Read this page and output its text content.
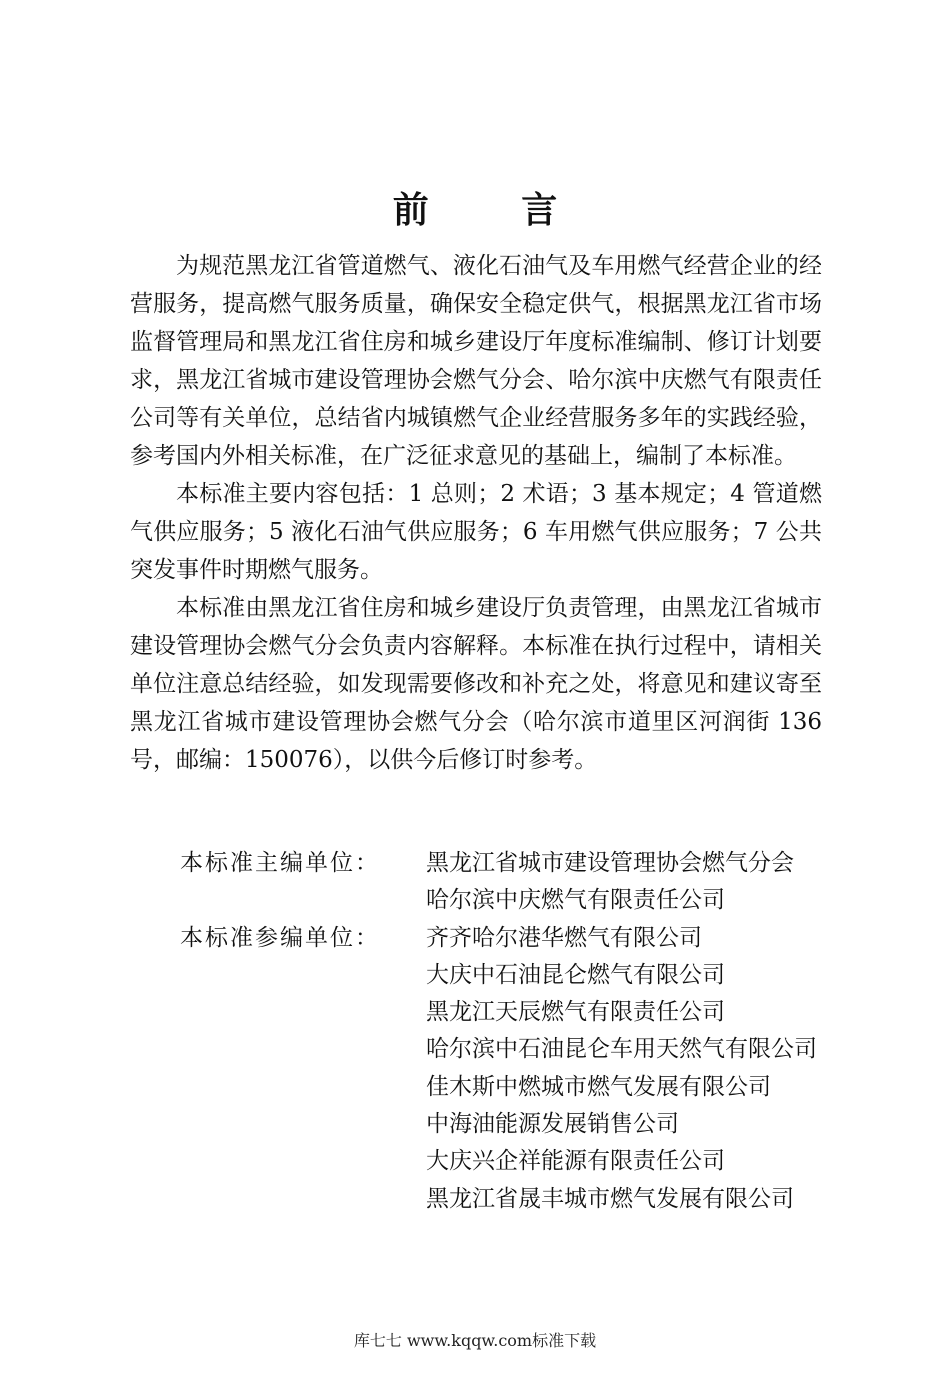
前 言

为规范黑龙江省管道燃气、液化石油气及车用燃气经营企业的经营服务，提高燃气服务质量，确保安全稳定供气，根据黑龙江省市场监督管理局和黑龙江省住房和城乡建设厅年度标准编制、修订计划要求，黑龙江省城市建设管理协会燃气分会、哈尔滨中庆燃气有限责任公司等有关单位，总结省内城镇燃气企业经营服务多年的实践经验，参考国内外相关标准，在广泛征求意见的基础上，编制了本标准。

本标准主要内容包括：1 总则；2 术语；3 基本规定；4 管道燃气供应服务；5 液化石油气供应服务；6 车用燃气供应服务；7 公共突发事件时期燃气服务。

本标准由黑龙江省住房和城乡建设厅负责管理，由黑龙江省城市建设管理协会燃气分会负责内容解释。本标准在执行过程中，请相关单位注意总结经验，如发现需要修改和补充之处，将意见和建议寄至黑龙江省城市建设管理协会燃气分会（哈尔滨市道里区河润街 136 号，邮编：150076），以供今后修订时参考。

本标准主编单位：	黑龙江省城市建设管理协会燃气分会
哈尔滨中庆燃气有限责任公司
本标准参编单位：	齐齐哈尔港华燃气有限公司
大庆中石油昆仑燃气有限公司
黑龙江天辰燃气有限责任公司
哈尔滨中石油昆仑车用天然气有限公司
佳木斯中燃城市燃气发展有限公司
中海油能源发展销售公司
大庆兴企祥能源有限责任公司
黑龙江省晟丰城市燃气发展有限公司
库七七 www.kqqw.com标准下载
